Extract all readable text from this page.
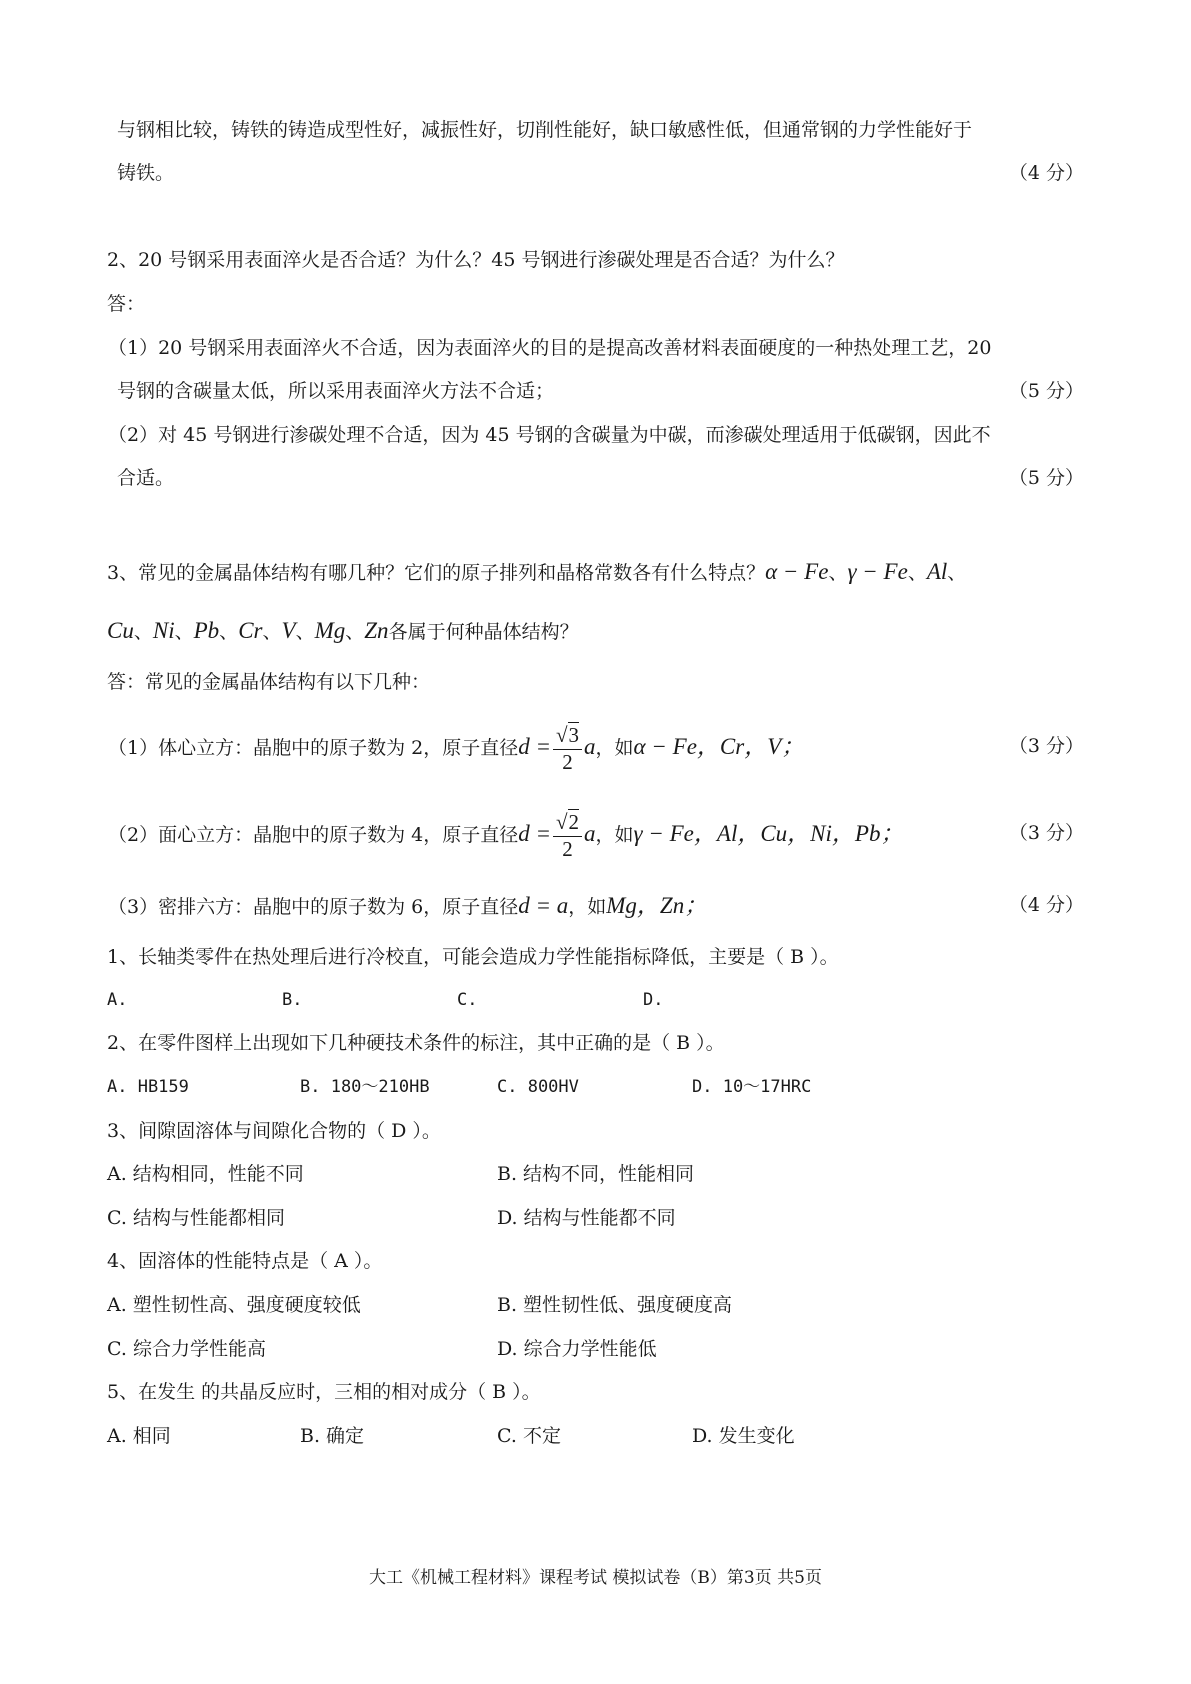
与钢相比较，铸铁的铸造成型性好，减振性好，切削性能好，缺口敏感性低，但通常钢的力学性能好于
铸铁。	（4 分）
2、20 号钢采用表面淬火是否合适？为什么？45 号钢进行渗碳处理是否合适？为什么？
答：
（1）20 号钢采用表面淬火不合适，因为表面淬火的目的是提高改善材料表面硬度的一种热处理工艺，20
号钢的含碳量太低，所以采用表面淬火方法不合适；	（5 分）
（2）对 45 号钢进行渗碳处理不合适，因为 45 号钢的含碳量为中碳，而渗碳处理适用于低碳钢，因此不
合适。	（5 分）
3、常见的金属晶体结构有哪几种？它们的原子排列和晶格常数各有什么特点？α − Fe、γ − Fe、Al、
Cu、Ni、Pb、Cr、V、Mg、Zn各属于何种晶体结构？
答：常见的金属晶体结构有以下几种：
（1）体心立方：晶胞中的原子数为 2，原子直径$d = \frac{√3}{2}$ a，如α − Fe，Cr，V；	（3 分）
（2）面心立方：晶胞中的原子数为 4，原子直径$d = \frac{√2}{2}$ a，如γ − Fe，Al，Cu，Ni，Pb；	（3 分）
（3）密排六方：晶胞中的原子数为 6，原子直径d = a，如Mg，Zn；	（4 分）
1、长轴类零件在热处理后进行冷校直，可能会造成力学性能指标降低，主要是（ B ）。
A.	B.	C.	D.
2、在零件图样上出现如下几种硬技术条件的标注，其中正确的是（ B ）。
A. HB159	B. 180～210HB	C. 800HV	D. 10～17HRC
3、间隙固溶体与间隙化合物的（ D ）。
A. 结构相同，性能不同	B. 结构不同，性能相同
C. 结构与性能都相同	D. 结构与性能都不同
4、固溶体的性能特点是（ A ）。
A. 塑性韧性高、强度硬度较低	B. 塑性韧性低、强度硬度高
C. 综合力学性能高	D. 综合力学性能低
5、在发生 的共晶反应时，三相的相对成分（ B ）。
A. 相同	B. 确定	C. 不定	D. 发生变化
大工《机械工程材料》课程考试 模拟试卷（B）第3页 共5页
